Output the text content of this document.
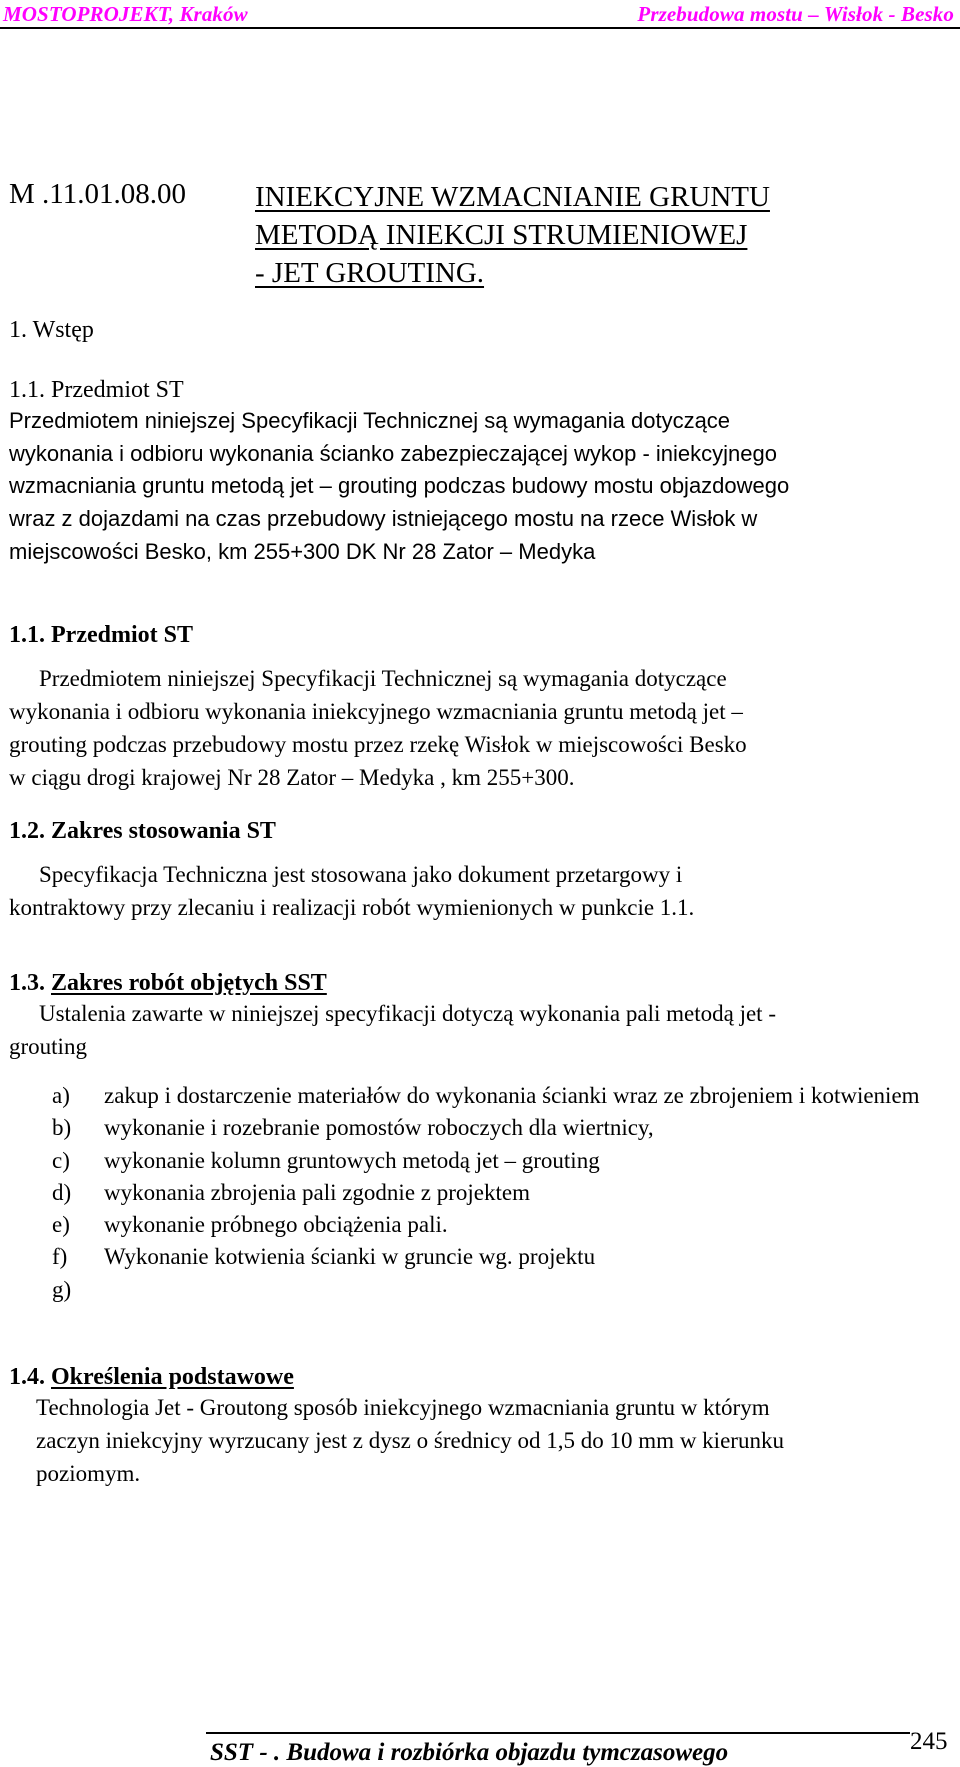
MOSTOPROJEKT, Kraków	Przebudowa mostu – Wisłok - Besko
M .11.01.08.00 INIEKCYJNE WZMACNIANIE GRUNTU
METODĄ INIEKCJI STRUMIENIOWEJ
- JET GROUTING.
1. Wstęp
1.1. Przedmiot ST
Przedmiotem niniejszej Specyfikacji Technicznej są wymagania dotyczące
wykonania i odbioru wykonania ścianko zabezpieczającej wykop - iniekcyjnego
wzmacniania gruntu metodą jet – grouting podczas budowy mostu objazdowego
wraz z dojazdami na czas przebudowy istniejącego mostu na rzece Wisłok w
miejscowości Besko, km 255+300 DK Nr 28 Zator – Medyka
1.1. Przedmiot ST
Przedmiotem niniejszej Specyfikacji Technicznej są wymagania dotyczące
wykonania i odbioru wykonania iniekcyjnego wzmacniania gruntu metodą jet –
grouting podczas przebudowy mostu przez rzekę Wisłok w miejscowości Besko
w ciągu drogi krajowej Nr 28 Zator – Medyka , km 255+300.
1.2. Zakres stosowania ST
Specyfikacja Techniczna jest stosowana jako dokument przetargowy i
kontraktowy przy zlecaniu i realizacji robót wymienionych w punkcie 1.1.
1.3. Zakres robót objętych SST
Ustalenia zawarte w niniejszej specyfikacji dotyczą wykonania pali metodą jet -
grouting
a)	zakup i dostarczenie materiałów do wykonania ścianki wraz ze zbrojeniem i kotwieniem
b)	wykonanie i rozebranie pomostów roboczych dla wiertnicy,
c)	wykonanie kolumn gruntowych metodą jet – grouting
d)	wykonania zbrojenia pali zgodnie z projektem
e)	wykonanie próbnego obciążenia pali.
f)	Wykonanie kotwienia ścianki w gruncie wg. projektu
g)
1.4. Określenia podstawowe
Technologia Jet - Groutong sposób iniekcyjnego wzmacniania gruntu w którym
zaczyn iniekcyjny wyrzucany jest z dysz o średnicy od 1,5 do 10 mm w kierunku
poziomym.
SST - . Budowa i rozbiórka objazdu tymczasowego	245
